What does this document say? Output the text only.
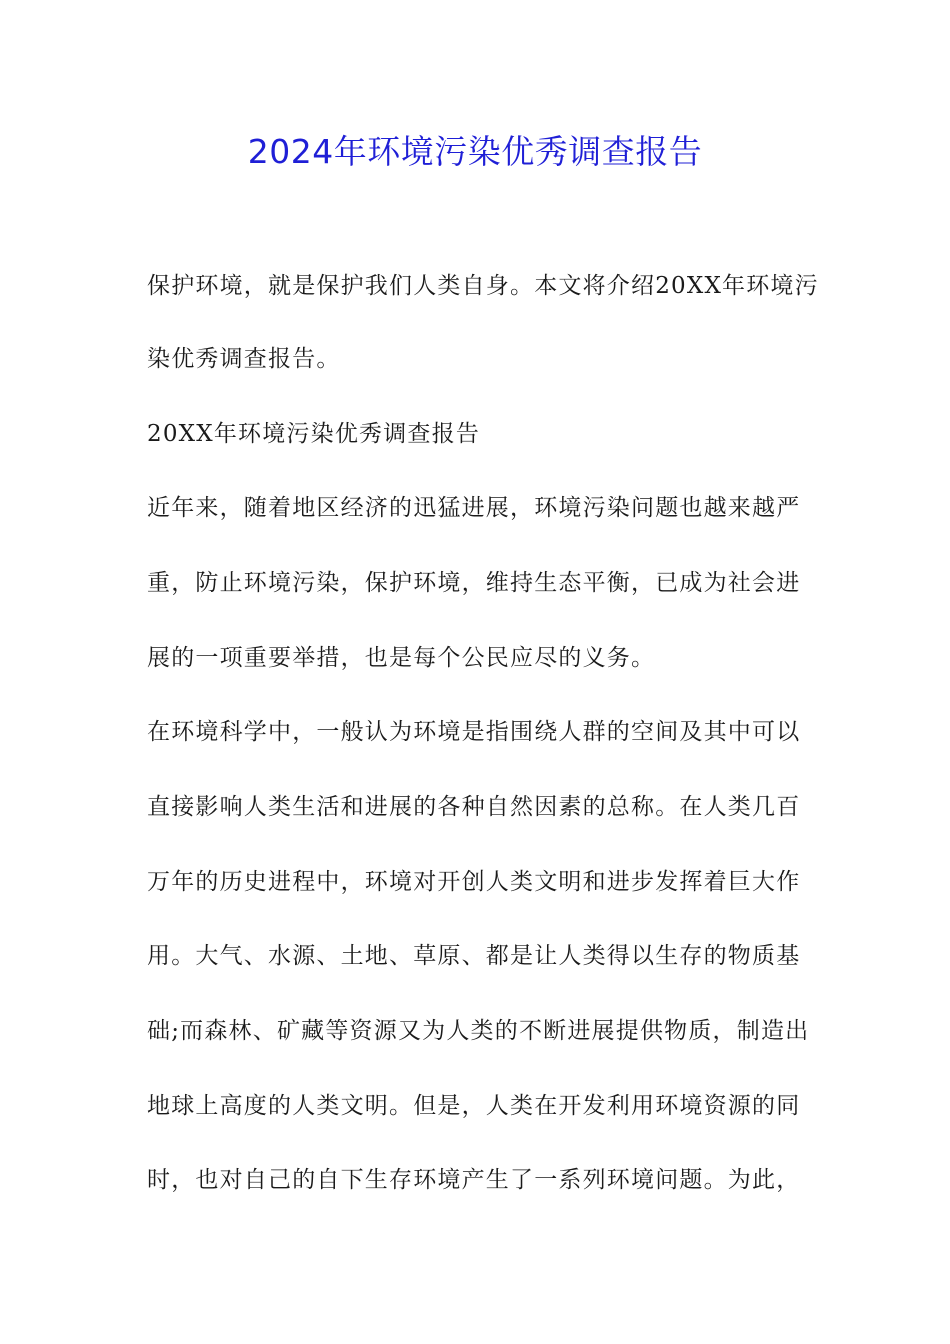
2024年环境污染优秀调查报告
保护环境，就是保护我们人类自身。本文将介绍20XX年环境污
染优秀调查报告。
20XX年环境污染优秀调查报告
近年来，随着地区经济的迅猛进展，环境污染问题也越来越严
重，防止环境污染，保护环境，维持生态平衡，已成为社会进
展的一项重要举措，也是每个公民应尽的义务。
在环境科学中，一般认为环境是指围绕人群的空间及其中可以
直接影响人类生活和进展的各种自然因素的总称。在人类几百
万年的历史进程中，环境对开创人类文明和进步发挥着巨大作
用。大气、水源、土地、草原、都是让人类得以生存的物质基
础;而森林、矿藏等资源又为人类的不断进展提供物质，制造出
地球上高度的人类文明。但是，人类在开发利用环境资源的同
时，也对自己的自下生存环境产生了一系列环境问题。为此，
